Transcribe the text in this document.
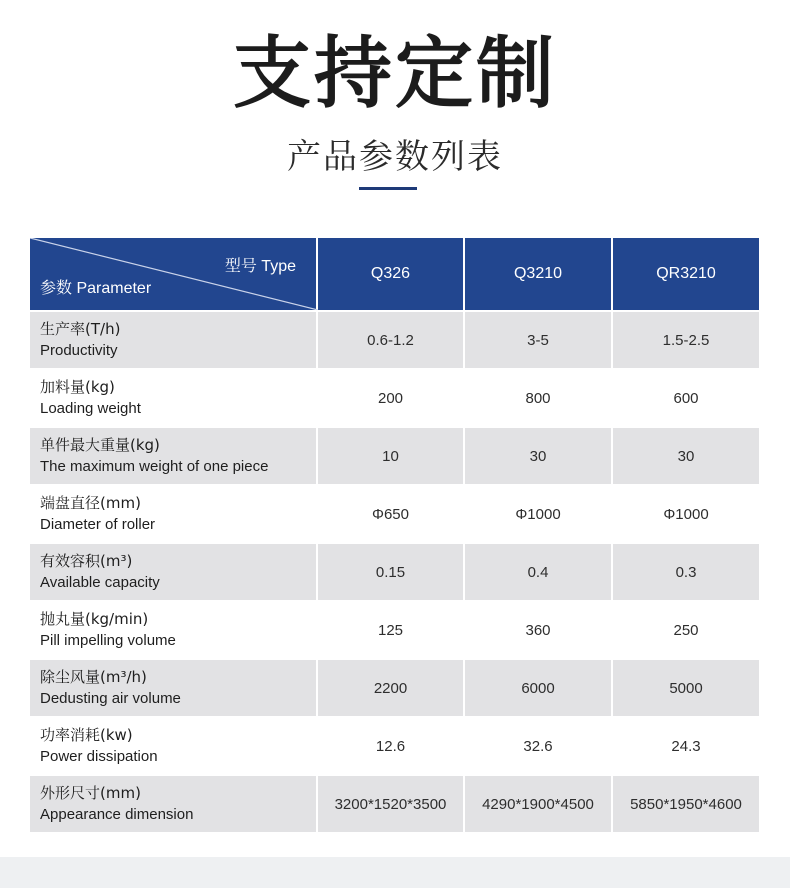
支持定制
产品参数列表
型号 Type
参数 Parameter	Q326	Q3210	QR3210

生产率(T/h)
Productivity	0.6-1.2	3-5	1.5-2.5

加料量(kg)
Loading weight	200	800	600

单件最大重量(kg)
The maximum weight of one piece	10	30	30

端盘直径(mm)
Diameter of roller	Φ650	Φ1000	Φ1000

有效容积(m³)
Available capacity	0.15	0.4	0.3

抛丸量(kg/min)
Pill impelling volume	125	360	250

除尘风量(m³/h)
Dedusting air volume	2200	6000	5000

功率消耗(kw)
Power dissipation	12.6	32.6	24.3

外形尺寸(mm)
Appearance dimension	3200*1520*3500	4290*1900*4500	5850*1950*4600
